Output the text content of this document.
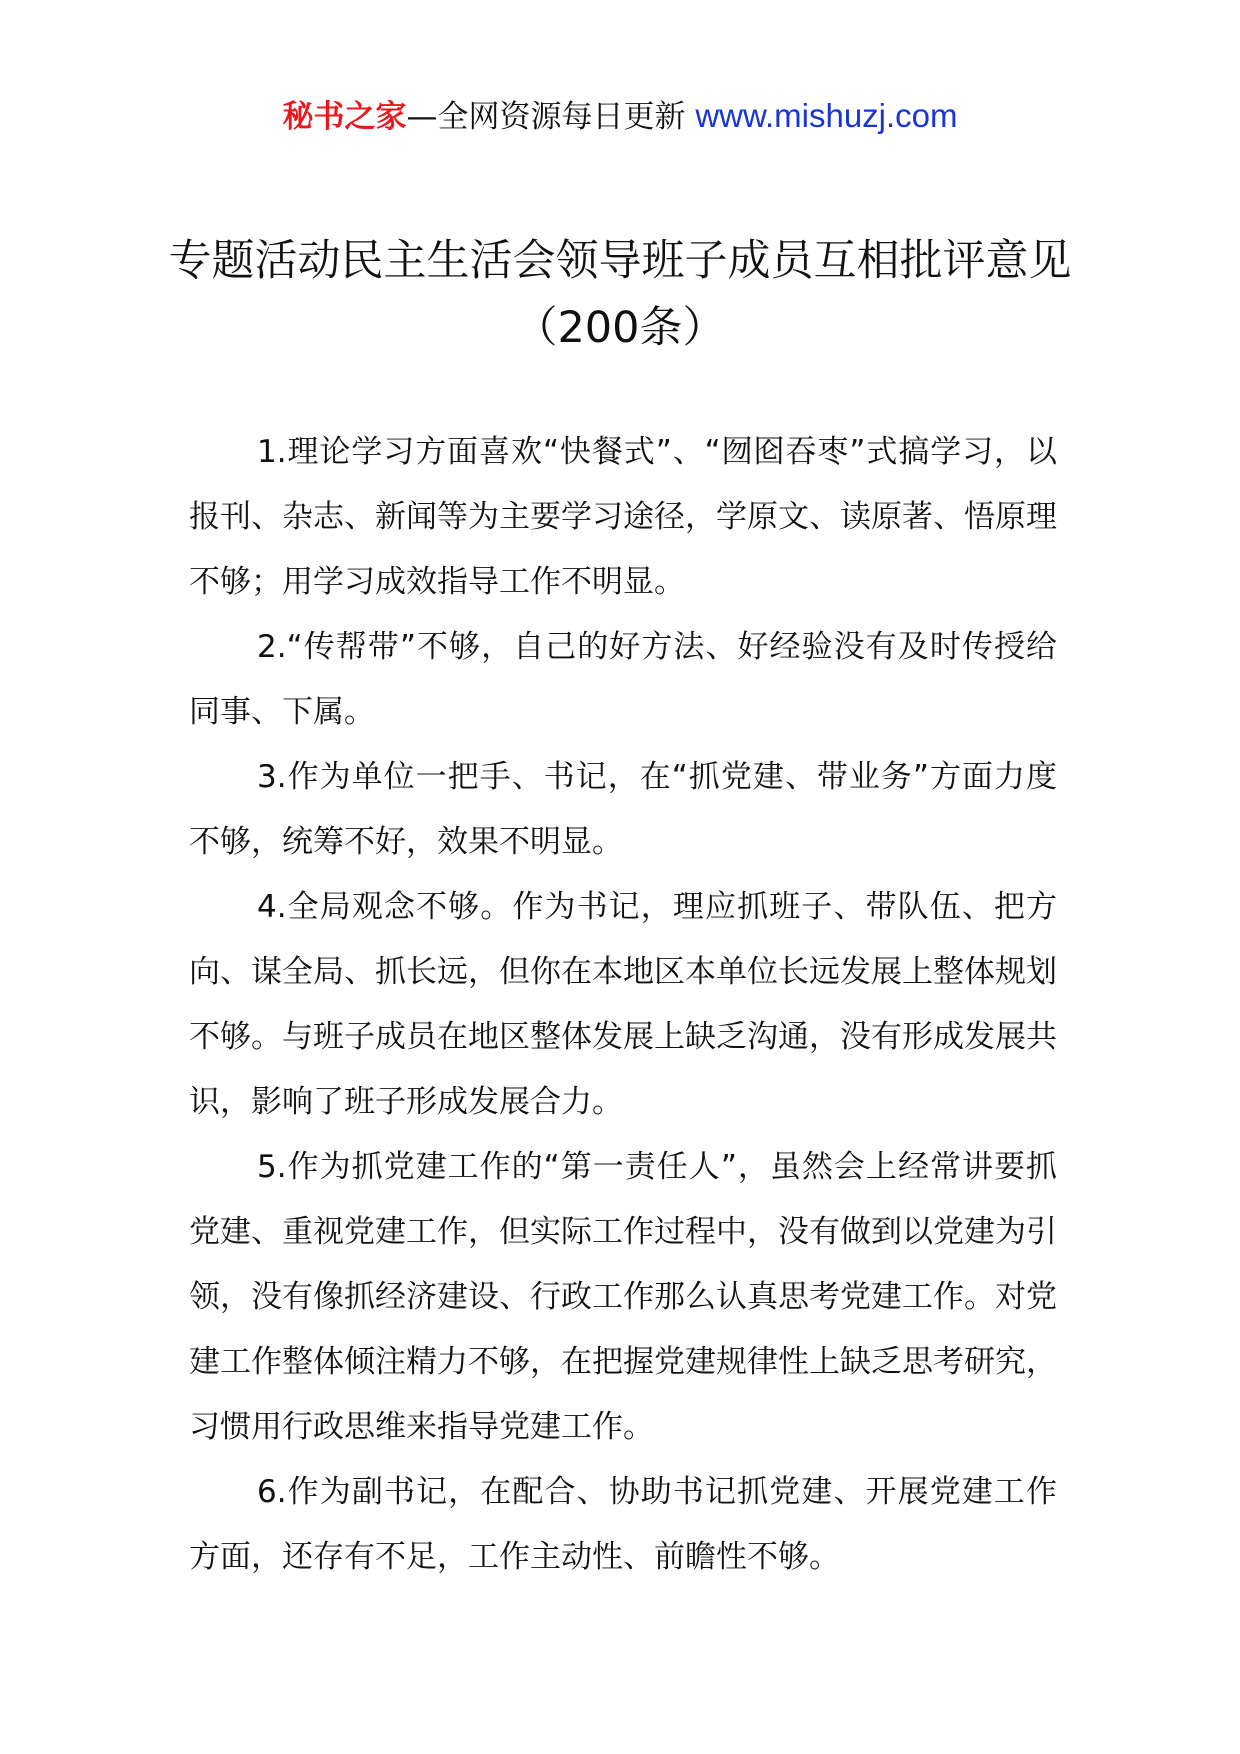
秘书之家—全网资源每日更新 www.mishuzj.com
专题活动民主生活会领导班子成员互相批评意见（200条）

1.理论学习方面喜欢“快餐式”、“囫囵吞枣”式搞学习，以报刊、杂志、新闻等为主要学习途径，学原文、读原著、悟原理不够；用学习成效指导工作不明显。

2.“传帮带”不够，自己的好方法、好经验没有及时传授给同事、下属。

3.作为单位一把手、书记，在“抓党建、带业务”方面力度不够，统筹不好，效果不明显。

4.全局观念不够。作为书记，理应抓班子、带队伍、把方向、谋全局、抓长远，但你在本地区本单位长远发展上整体规划不够。与班子成员在地区整体发展上缺乏沟通，没有形成发展共识，影响了班子形成发展合力。

5.作为抓党建工作的“第一责任人”，虽然会上经常讲要抓党建、重视党建工作，但实际工作过程中，没有做到以党建为引领，没有像抓经济建设、行政工作那么认真思考党建工作。对党建工作整体倾注精力不够，在把握党建规律性上缺乏思考研究，习惯用行政思维来指导党建工作。

6.作为副书记，在配合、协助书记抓党建、开展党建工作方面，还存有不足，工作主动性、前瞻性不够。
